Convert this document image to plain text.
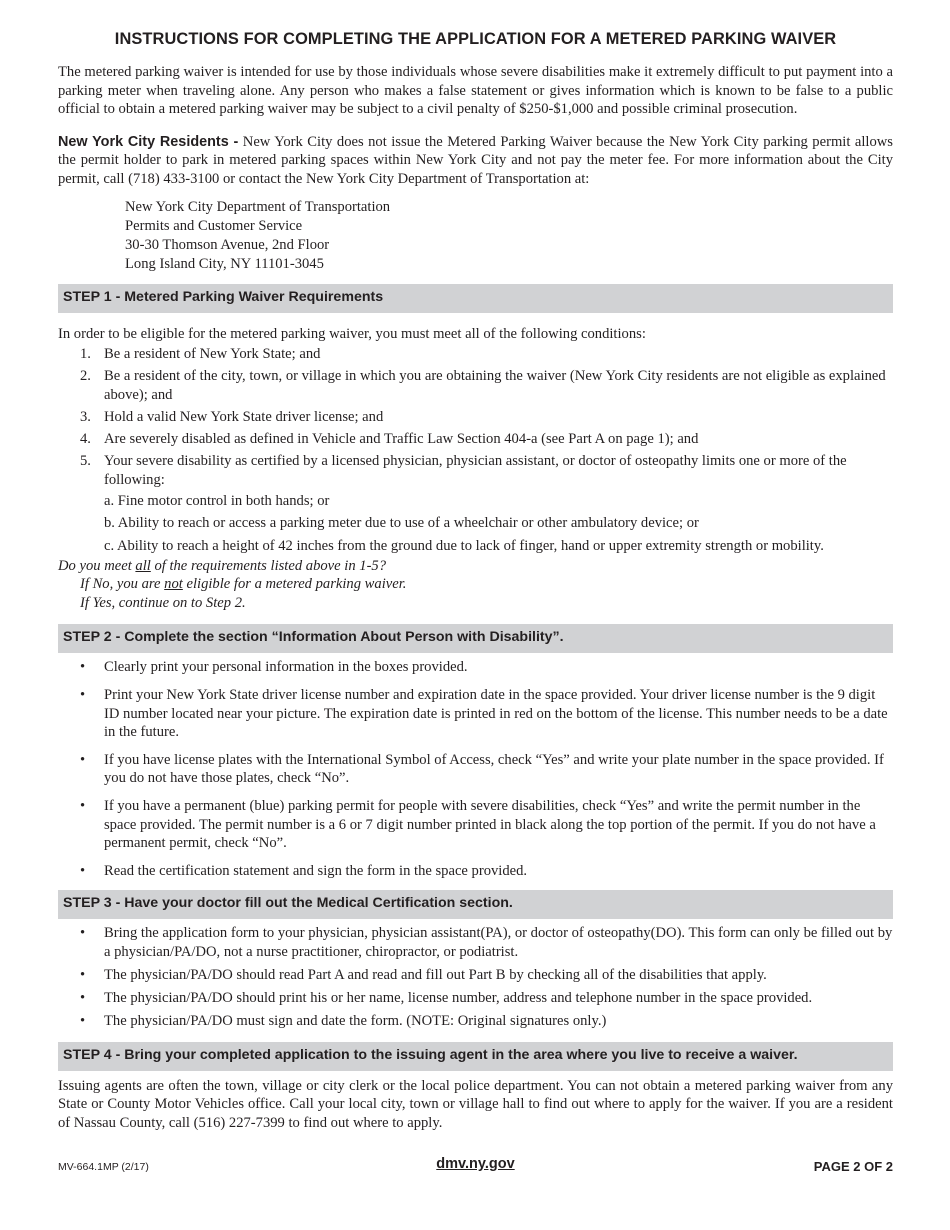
INSTRUCTIONS FOR COMPLETING THE APPLICATION FOR A METERED PARKING WAIVER

The metered parking waiver is intended for use by those individuals whose severe disabilities make it extremely difficult to put payment into a parking meter when traveling alone. Any person who makes a false statement or gives information which is known to be false to a public official to obtain a metered parking waiver may be subject to a civil penalty of $250-$1,000 and possible criminal prosecution.

New York City Residents - New York City does not issue the Metered Parking Waiver because the New York City parking permit allows the permit holder to park in metered parking spaces within New York City and not pay the meter fee. For more information about the City permit, call (718) 433-3100 or contact the New York City Department of Transportation at:

New York City Department of Transportation
Permits and Customer Service
30-30 Thomson Avenue, 2nd Floor
Long Island City, NY 11101-3045
STEP 1 - Metered Parking Waiver Requirements
In order to be eligible for the metered parking waiver, you must meet all of the following conditions:
1. Be a resident of New York State; and
2. Be a resident of the city, town, or village in which you are obtaining the waiver (New York City residents are not eligible as explained above); and
3. Hold a valid New York State driver license; and
4. Are severely disabled as defined in Vehicle and Traffic Law Section 404-a (see Part A on page 1); and
5. Your severe disability as certified by a licensed physician, physician assistant, or doctor of osteopathy limits one or more of the following:
a. Fine motor control in both hands; or
b. Ability to reach or access a parking meter due to use of a wheelchair or other ambulatory device; or
c. Ability to reach a height of 42 inches from the ground due to lack of finger, hand or upper extremity strength or mobility.
Do you meet all of the requirements listed above in 1-5?
If No, you are not eligible for a metered parking waiver.
If Yes, continue on to Step 2.
STEP 2 - Complete the section “Information About Person with Disability”.
• Clearly print your personal information in the boxes provided.
• Print your New York State driver license number and expiration date in the space provided. Your driver license number is the 9 digit ID number located near your picture. The expiration date is printed in red on the bottom of the license. This number needs to be a date in the future.
• If you have license plates with the International Symbol of Access, check “Yes” and write your plate number in the space provided. If you do not have those plates, check “No”.
• If you have a permanent (blue) parking permit for people with severe disabilities, check “Yes” and write the permit number in the space provided. The permit number is a 6 or 7 digit number printed in black along the top portion of the permit. If you do not have a permanent permit, check “No”.
• Read the certification statement and sign the form in the space provided.
STEP 3 - Have your doctor fill out the Medical Certification section.
• Bring the application form to your physician, physician assistant(PA), or doctor of osteopathy(DO). This form can only be filled out by a physician/PA/DO, not a nurse practitioner, chiropractor, or podiatrist.
• The physician/PA/DO should read Part A and read and fill out Part B by checking all of the disabilities that apply.
• The physician/PA/DO should print his or her name, license number, address and telephone number in the space provided.
• The physician/PA/DO must sign and date the form. (NOTE: Original signatures only.)
STEP 4 - Bring your completed application to the issuing agent in the area where you live to receive a waiver.

Issuing agents are often the town, village or city clerk or the local police department. You can not obtain a metered parking waiver from any State or County Motor Vehicles office. Call your local city, town or village hall to find out where to apply for the waiver. If you are a resident of Nassau County, call (516) 227-7399 to find out where to apply.

MV-664.1MP (2/17)	dmv.ny.gov	PAGE 2 OF 2
